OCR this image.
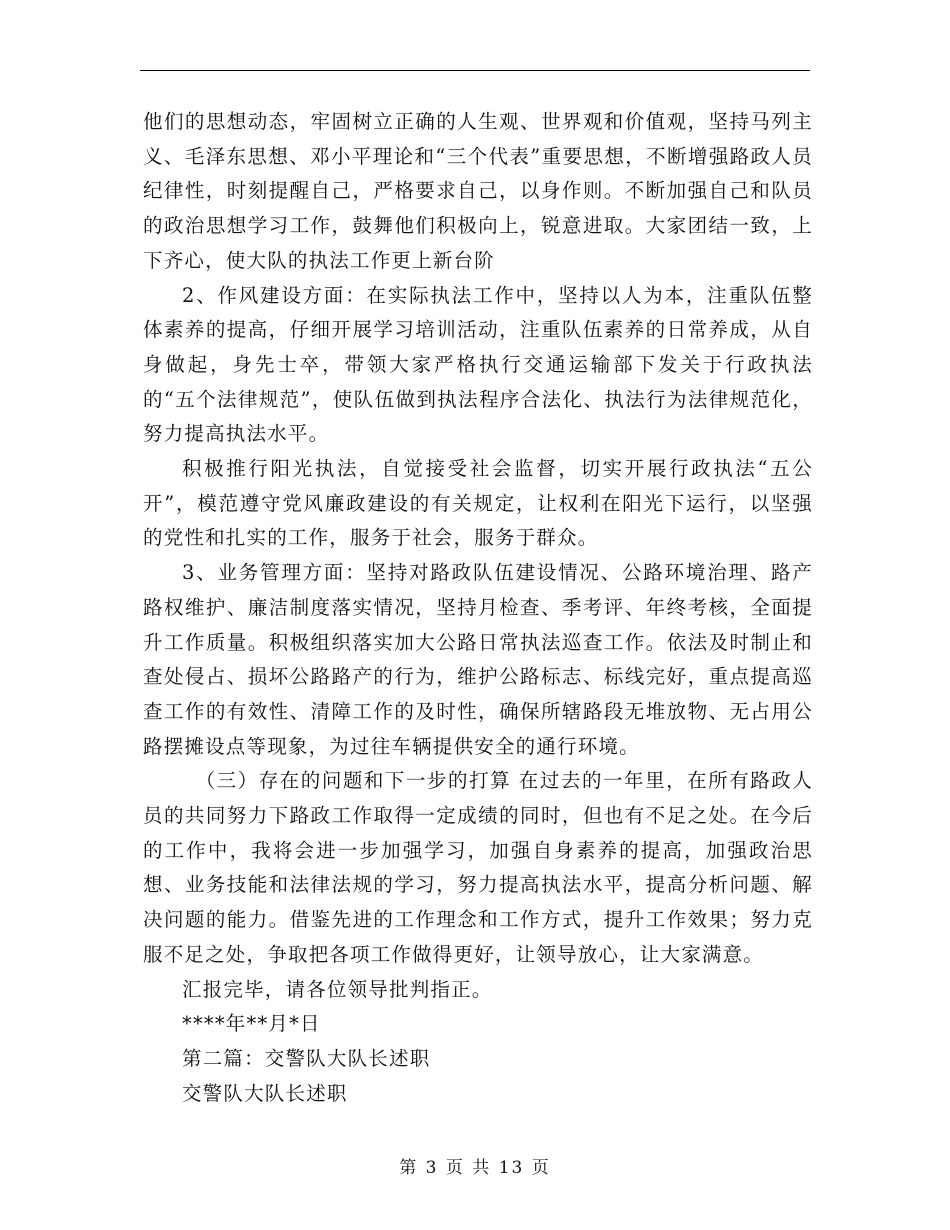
他们的思想动态，牢固树立正确的人生观、世界观和价值观，坚持马列主义、毛泽东思想、邓小平理论和“三个代表”重要思想，不断增强路政人员纪律性，时刻提醒自己，严格要求自己，以身作则。不断加强自己和队员的政治思想学习工作，鼓舞他们积极向上，锐意进取。大家团结一致，上下齐心，使大队的执法工作更上新台阶

2、作风建设方面：在实际执法工作中，坚持以人为本，注重队伍整体素养的提高，仔细开展学习培训活动，注重队伍素养的日常养成，从自身做起，身先士卒，带领大家严格执行交通运输部下发关于行政执法的“五个法律规范”，使队伍做到执法程序合法化、执法行为法律规范化，努力提高执法水平。

积极推行阳光执法，自觉接受社会监督，切实开展行政执法“五公开”，模范遵守党风廉政建设的有关规定，让权利在阳光下运行，以坚强的党性和扎实的工作，服务于社会，服务于群众。

3、业务管理方面：坚持对路政队伍建设情况、公路环境治理、路产路权维护、廉洁制度落实情况，坚持月检查、季考评、年终考核，全面提升工作质量。积极组织落实加大公路日常执法巡查工作。依法及时制止和查处侵占、损坏公路路产的行为，维护公路标志、标线完好，重点提高巡查工作的有效性、清障工作的及时性，确保所辖路段无堆放物、无占用公路摆摊设点等现象，为过往车辆提供安全的通行环境。

（三）存在的问题和下一步的打算 在过去的一年里，在所有路政人员的共同努力下路政工作取得一定成绩的同时，但也有不足之处。在今后的工作中，我将会进一步加强学习，加强自身素养的提高，加强政治思想、业务技能和法律法规的学习，努力提高执法水平，提高分析问题、解决问题的能力。借鉴先进的工作理念和工作方式，提升工作效果；努力克服不足之处，争取把各项工作做得更好，让领导放心，让大家满意。

汇报完毕，请各位领导批判指正。

****年**月*日

第二篇：交警队大队长述职

交警队大队长述职

第 3 页 共 13 页
